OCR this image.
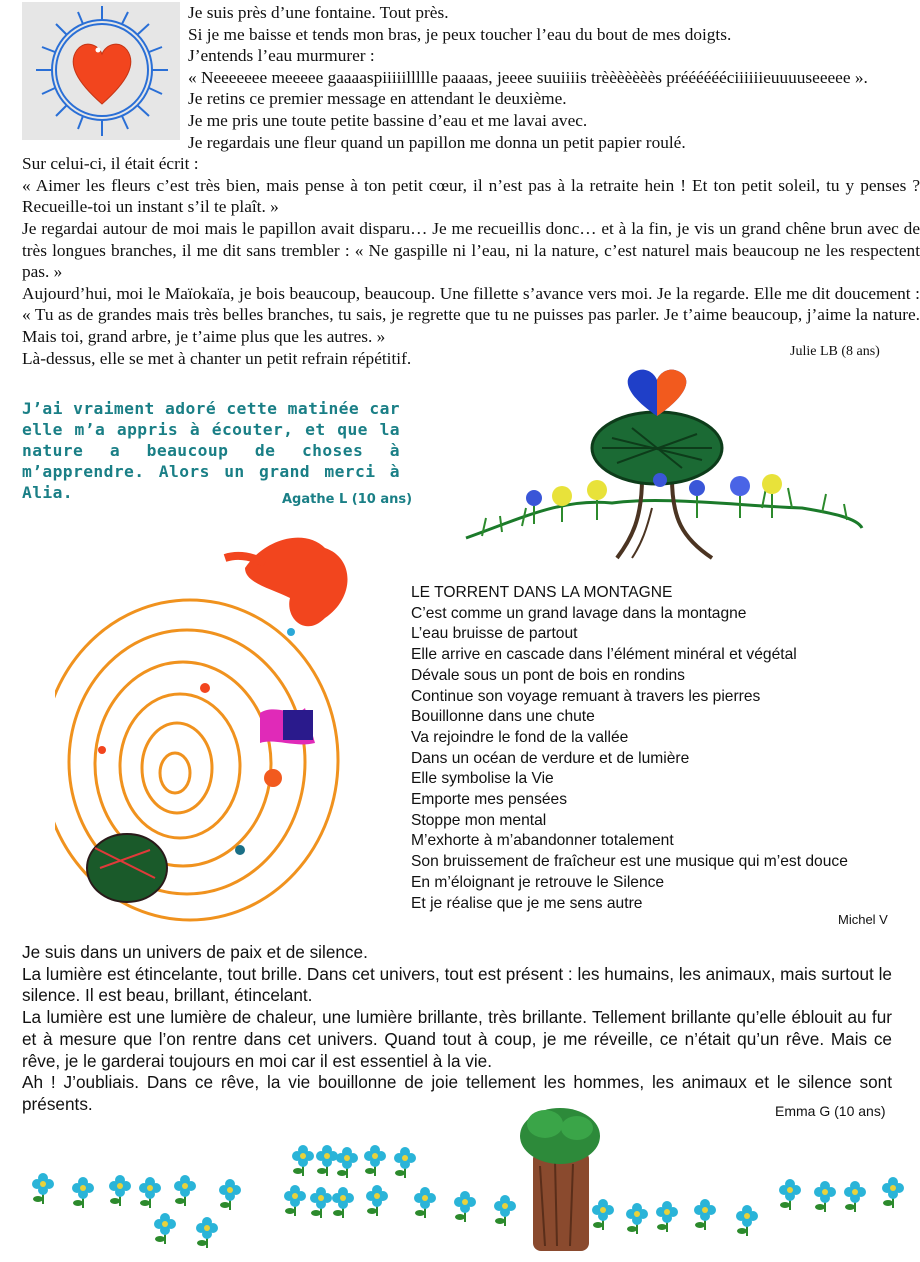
Je suis près d’une fontaine. Tout près.

Si je me baisse et tends mon bras, je peux toucher l’eau du bout de mes doigts.

J’entends l’eau murmurer :

« Neeeeeee meeeee gaaaaspiiiiillllle paaaas, jeeee suuiiiis trèèèèèèès prééééééciiiiiieuuuuseeeee ».

Je retins ce premier message en attendant le deuxième.

Je me pris une toute petite bassine d’eau et me lavai avec.

Je regardais une fleur quand un papillon me donna un petit papier roulé.

Sur celui-ci, il était écrit :

« Aimer les fleurs c’est très bien, mais pense à ton petit cœur, il n’est pas à la retraite hein ! Et ton petit soleil, tu y penses ? Recueille-toi un instant s’il te plaît. »

Je regardai autour de moi mais le papillon avait disparu… Je me recueillis donc… et à la fin, je vis un grand chêne brun avec de très longues branches, il me dit sans trembler : « Ne gaspille ni l’eau, ni la nature, c’est naturel mais beaucoup ne les respectent pas. »

Aujourd’hui, moi le Maïokaïa, je bois beaucoup, beaucoup. Une fillette s’avance vers moi. Je la regarde. Elle me dit doucement : « Tu as de grandes mais très belles branches, tu sais, je regrette que tu ne puisses pas parler. Je t’aime beaucoup, j’aime la nature. Mais toi, grand arbre, je t’aime plus que les autres. »

Là-dessus, elle se met à chanter un petit refrain répétitif.	Julie LB (8 ans)
J’ai vraiment adoré cette matinée car elle m’a appris à écouter, et que la nature a beaucoup de choses à m’apprendre. Alors un grand merci à Alia.	Agathe L (10 ans)
LE TORRENT DANS LA MONTAGNE
C’est comme un grand lavage dans la montagne
L’eau bruisse de partout
Elle arrive en cascade dans l’élément minéral et végétal
Dévale sous un pont de bois en rondins
Continue son voyage remuant à travers les pierres
Bouillonne dans une chute
Va rejoindre le fond de la vallée
Dans un océan de verdure et de lumière
Elle symbolise la Vie
Emporte mes pensées
Stoppe mon mental
M’exhorte à m’abandonner totalement
Son bruissement de fraîcheur est une musique qui m’est douce
En m’éloignant je retrouve le Silence
Et je réalise que je me sens autre
Michel V

Je suis dans un univers de paix et de silence.

La lumière est étincelante, tout brille. Dans cet univers, tout est présent : les humains, les animaux, mais surtout le silence. Il est beau, brillant, étincelant.

La lumière est une lumière de chaleur, une lumière brillante, très brillante. Tellement brillante qu’elle éblouit au fur et à mesure que l’on rentre dans cet univers. Quand tout à coup, je me réveille, ce n’était qu’un rêve. Mais ce rêve, je le garderai toujours en moi car il est essentiel à la vie.

Ah ! J’oubliais. Dans ce rêve, la vie bouillonne de joie tellement les hommes, les animaux et le silence sont présents.	Emma G (10 ans)
